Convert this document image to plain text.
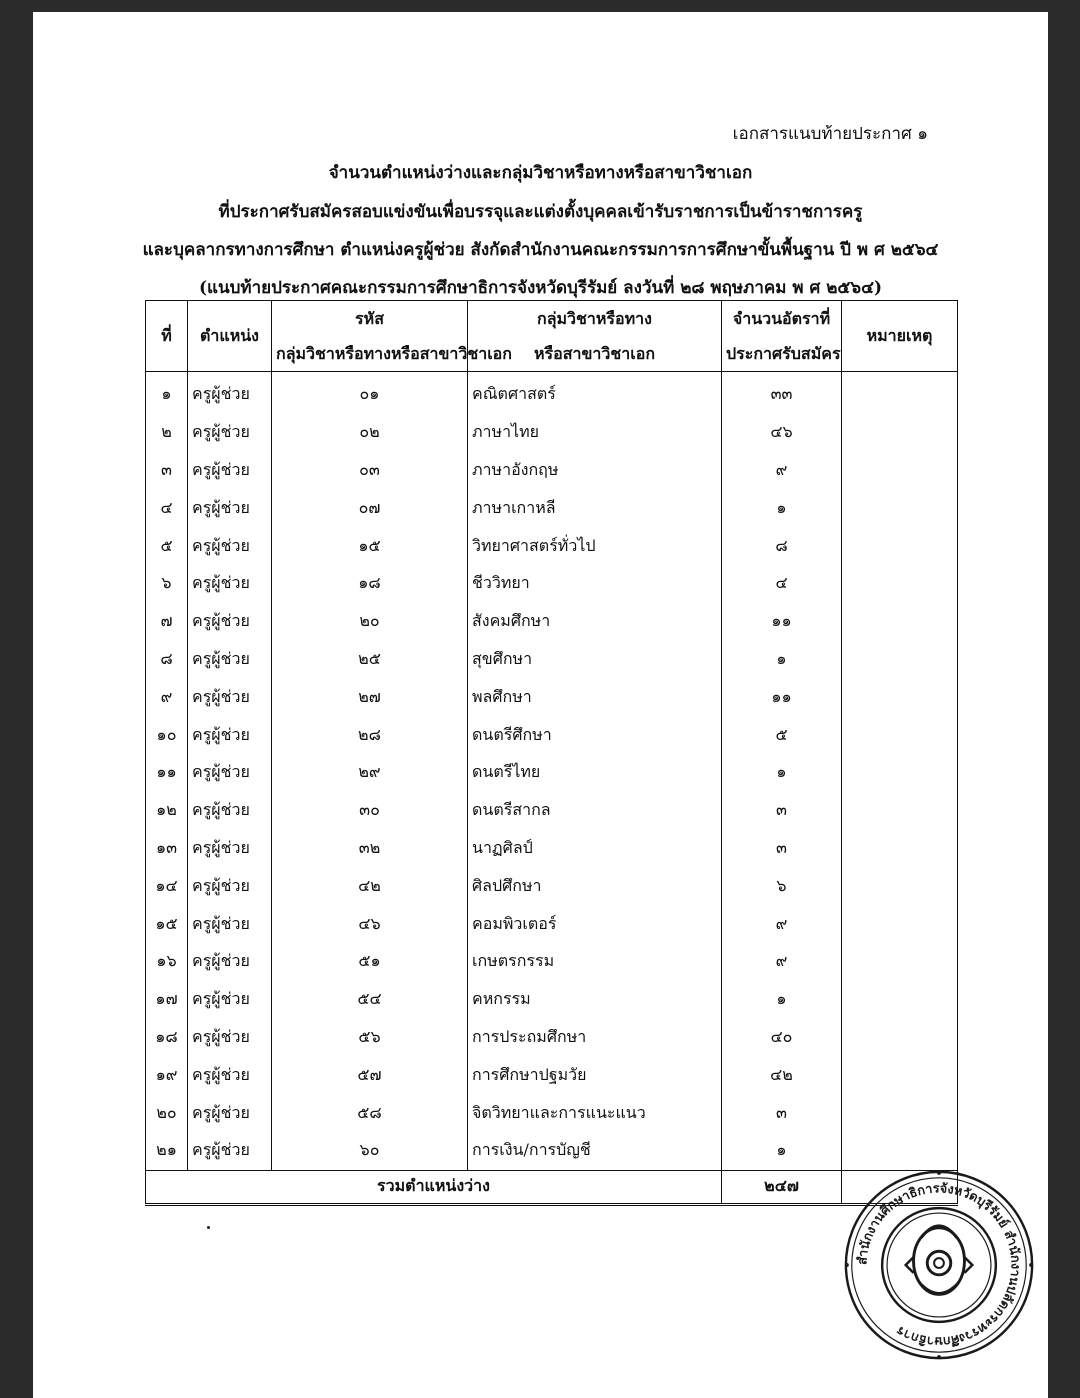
เอกสารแนบท้ายประกาศ ๑
จำนวนตำแหน่งว่างและกลุ่มวิชาหรือทางหรือสาขาวิชาเอก
ที่ประกาศรับสมัครสอบแข่งขันเพื่อบรรจุและแต่งตั้งบุคคลเข้ารับราชการเป็นข้าราชการครู
และบุคลากรทางการศึกษา ตำแหน่งครูผู้ช่วย สังกัดสำนักงานคณะกรรมการการศึกษาขั้นพื้นฐาน ปี พ ศ ๒๕๖๔
(แนบท้ายประกาศคณะกรรมการศึกษาธิการจังหวัดบุรีรัมย์ ลงวันที่ ๒๘ พฤษภาคม พ ศ ๒๕๖๔)
ที่	ตำแหน่ง	รหัส	กลุ่มวิชาหรือทาง	จำนวนอัตราที่	หมายเหตุ
		กลุ่มวิชาหรือทางหรือสาขาวิชาเอก	หรือสาขาวิชาเอก	ประกาศรับสมัคร	
๑	ครูผู้ช่วย	๐๑	คณิตศาสตร์	๓๓	
๒	ครูผู้ช่วย	๐๒	ภาษาไทย	๔๖	
๓	ครูผู้ช่วย	๐๓	ภาษาอังกฤษ	๙	
๔	ครูผู้ช่วย	๐๗	ภาษาเกาหลี	๑	
๕	ครูผู้ช่วย	๑๕	วิทยาศาสตร์ทั่วไป	๘	
๖	ครูผู้ช่วย	๑๘	ชีววิทยา	๔	
๗	ครูผู้ช่วย	๒๐	สังคมศึกษา	๑๑	
๘	ครูผู้ช่วย	๒๕	สุขศึกษา	๑	
๙	ครูผู้ช่วย	๒๗	พลศึกษา	๑๑	
๑๐	ครูผู้ช่วย	๒๘	ดนตรีศึกษา	๕	
๑๑	ครูผู้ช่วย	๒๙	ดนตรีไทย	๑	
๑๒	ครูผู้ช่วย	๓๐	ดนตรีสากล	๓	
๑๓	ครูผู้ช่วย	๓๒	นาฏศิลป์	๓	
๑๔	ครูผู้ช่วย	๔๒	ศิลปศึกษา	๖	
๑๕	ครูผู้ช่วย	๔๖	คอมพิวเตอร์	๙	
๑๖	ครูผู้ช่วย	๕๑	เกษตรกรรม	๙	
๑๗	ครูผู้ช่วย	๕๔	คหกรรม	๑	
๑๘	ครูผู้ช่วย	๕๖	การประถมศึกษา	๔๐	
๑๙	ครูผู้ช่วย	๕๗	การศึกษาปฐมวัย	๔๒	
๒๐	ครูผู้ช่วย	๕๘	จิตวิทยาและการแนะแนว	๓	
๒๑	ครูผู้ช่วย	๖๐	การเงิน/การบัญชี	๑	
รวมตำแหน่งว่าง				๒๔๗	
สำนักงานศึกษาธิการจังหวัดบุรีรัมย์ สำนักงานปลัดกระทรวงศึกษาธิการ
